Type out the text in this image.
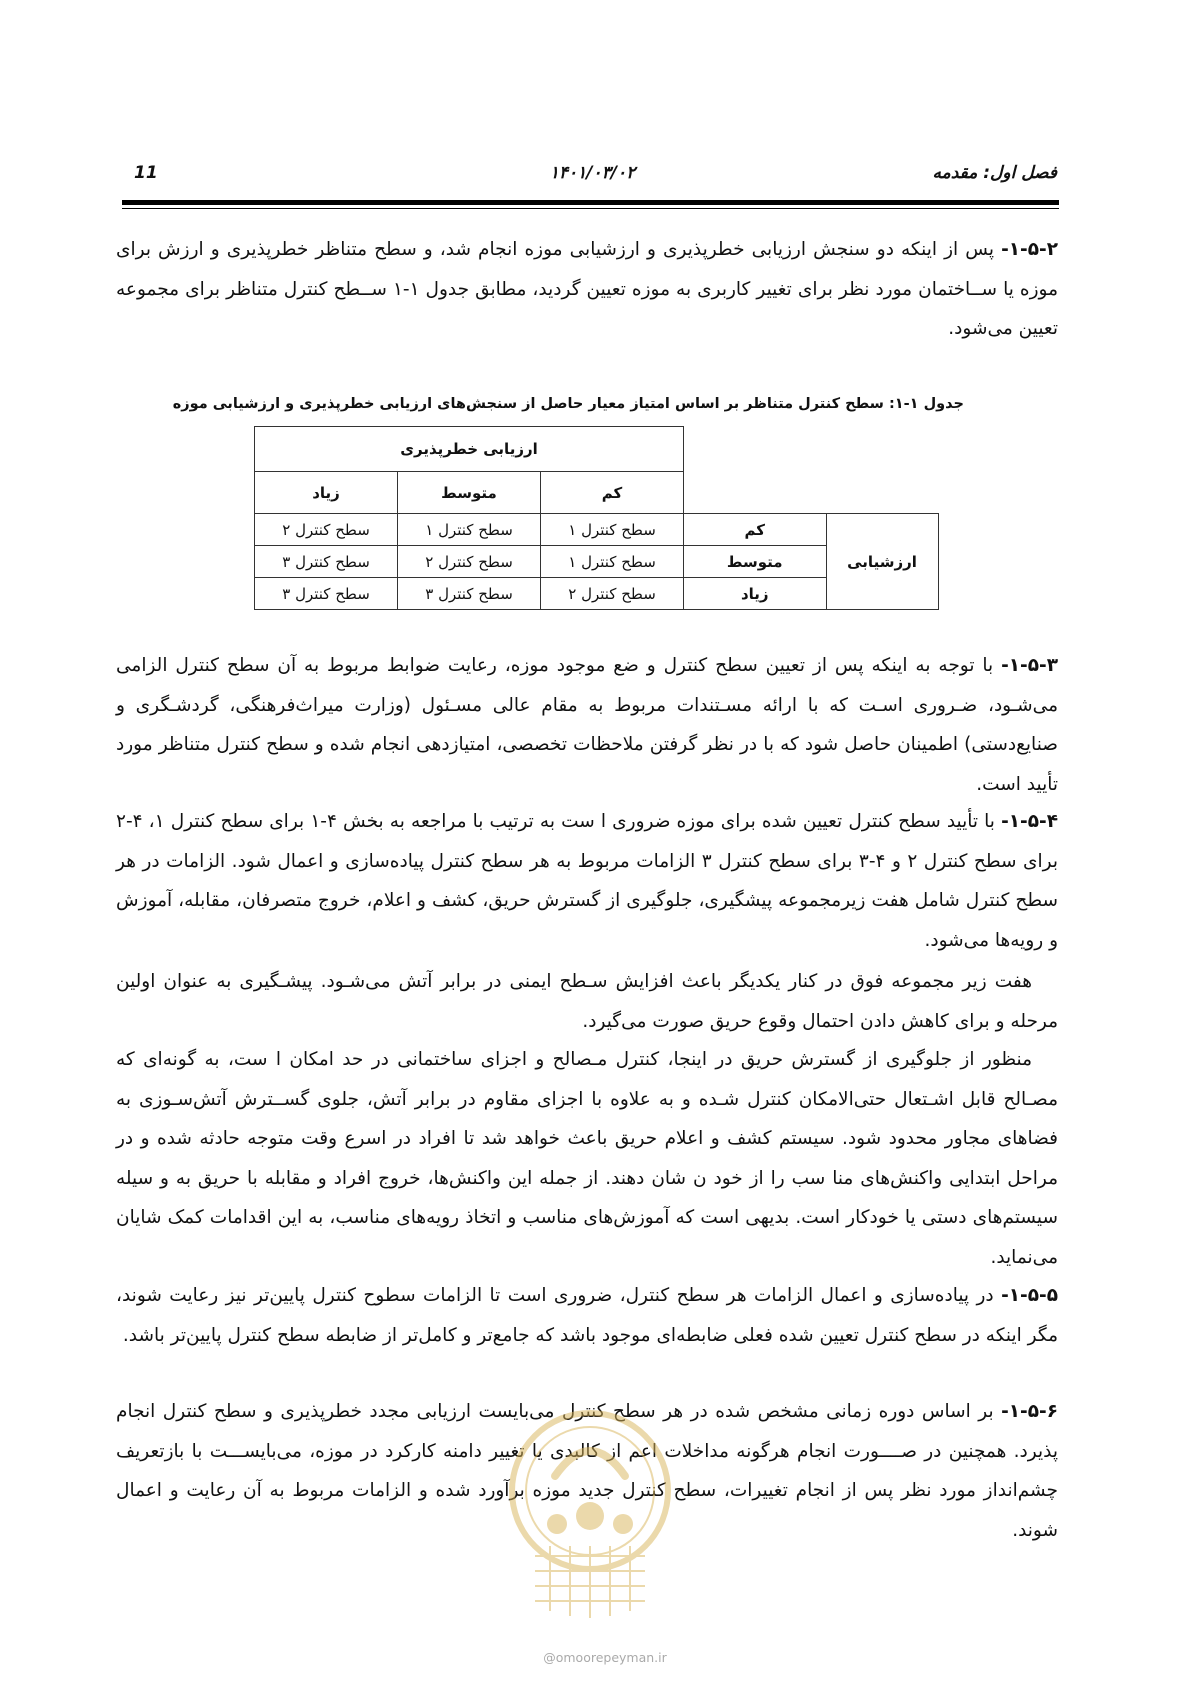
فصل اول: مقدمه
۱۴۰۱/۰۳/۰۲
11
۱-۵-۲- پس از اینکه دو سنجش ارزیابی خطرپذیری و ارزشیابی موزه انجام شد، و سطح متناظر خطرپذیری و ارزش برای موزه یا ســاختمان مورد نظر برای تغییر کاربری به موزه تعیین گردید، مطابق جدول ۱-۱ ســطح کنترل متناظر برای مجموعه تعیین می‌شود.
جدول ۱-۱: سطح کنترل متناظر بر اساس امتیاز معیار حاصل از سنجش‌های ارزیابی خطرپذیری و ارزشیابی موزه
		ارزیابی خطرپذیری		
		کم	متوسط	زیاد
ارزشیابی	کم	سطح کنترل ۱	سطح کنترل ۱	سطح کنترل ۲
	متوسط	سطح کنترل ۱	سطح کنترل ۲	سطح کنترل ۳
	زیاد	سطح کنترل ۲	سطح کنترل ۳	سطح کنترل ۳
۱-۵-۳- با توجه به اینکه پس از تعیین سطح کنترل و ضع موجود موزه، رعایت ضوابط مربوط به آن سطح کنترل الزامی می‌شـود، ضـروری اسـت که با ارائه مسـتندات مربوط به مقام عالی مسـئول (وزارت میراث‌فرهنگی، گردشـگری و صنایع‌دستی) اطمینان حاصل شود که با در نظر گرفتن ملاحظات تخصصی، امتیازدهی انجام شده و سطح کنترل متناظر مورد تأیید است.
۱-۵-۴- با تأیید سطح کنترل تعیین شده برای موزه ضروری ا ست به ترتیب با مراجعه به بخش ۴-۱ برای سطح کنترل ۱، ۴-۲ برای سطح کنترل ۲ و ۴-۳ برای سطح کنترل ۳ الزامات مربوط به هر سطح کنترل پیاده‌سازی و اعمال شود. الزامات در هر سطح کنترل شامل هفت زیرمجموعه پیشگیری، جلوگیری از گسترش حریق، کشف و اعلام، خروج متصرفان، مقابله، آموزش و رویه‌ها می‌شود.
هفت زیر مجموعه فوق در کنار یکدیگر باعث افزایش سـطح ایمنی در برابر آتش می‌شـود. پیشـگیری به عنوان اولین مرحله و برای کاهش دادن احتمال وقوع حریق صورت می‌گیرد.
منظور از جلوگیری از گسترش حریق در اینجا، کنترل مـصالح و اجزای ساختمانی در حد امکان ا ست، به گونه‌ای که مصـالح قابل اشـتعال حتی‌الامکان کنترل شـده و به علاوه با اجزای مقاوم در برابر آتش، جلوی گســترش آتش‌سـوزی به فضاهای مجاور محدود شود. سیستم کشف و اعلام حریق باعث خواهد شد تا افراد در اسرع وقت متوجه حادثه شده و در مراحل ابتدایی واکنش‌های منا سب را از خود ن شان دهند. از جمله این واکنش‌ها، خروج افراد و مقابله با حریق به و سیله سیستم‌های دستی یا خودکار است. بدیهی است که آموزش‌های مناسب و اتخاذ رویه‌های مناسب، به این اقدامات کمک شایان می‌نماید.
۱-۵-۵- در پیاده‌سازی و اعمال الزامات هر سطح کنترل، ضروری است تا الزامات سطوح کنترل پایین‌تر نیز رعایت شوند، مگر اینکه در سطح کنترل تعیین شده فعلی ضابطه‌ای موجود باشد که جامع‌تر و کامل‌تر از ضابطه سطح کنترل پایین‌تر باشد.
۱-۵-۶- بر اساس دوره زمانی مشخص شده در هر سطح کنترل می‌بایست ارزیابی مجدد خطرپذیری و سطح کنترل انجام پذیرد. همچنین در صــــورت انجام هرگونه مداخلات اعم از کالبدی یا تغییر دامنه کارکرد در موزه، می‌بایســـت با بازتعریف چشم‌انداز مورد نظر پس از انجام تغییرات، سطح کنترل جدید موزه برآورد شده و الزامات مربوط به آن رعایت و اعمال شوند.
@omoorepeyman.ir
